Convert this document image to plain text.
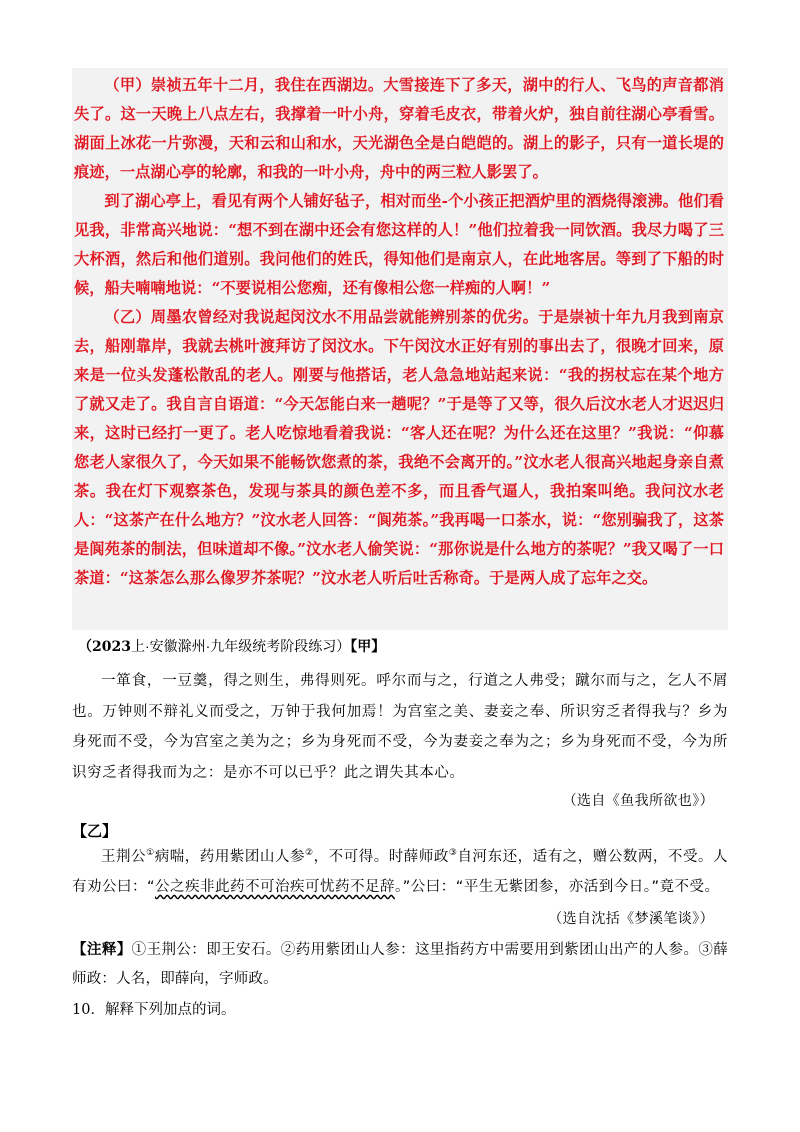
（甲）崇祯五年十二月，我住在西湖边。大雪接连下了多天，湖中的行人、飞鸟的声音都消失了。这一天晚上八点左右，我撑着一叶小舟，穿着毛皮衣，带着火炉，独自前往湖心亭看雪。湖面上冰花一片弥漫，天和云和山和水，天光湖色全是白皑皑的。湖上的影子，只有一道长堤的痕迹，一点湖心亭的轮廓，和我的一叶小舟，舟中的两三粒人影罢了。

到了湖心亭上，看见有两个人铺好毡子，相对而坐-个小孩正把酒炉里的酒烧得滚沸。他们看见我，非常高兴地说：“想不到在湖中还会有您这样的人！”他们拉着我一同饮酒。我尽力喝了三大杯酒，然后和他们道别。我问他们的姓氏，得知他们是南京人，在此地客居。等到了下船的时候，船夫喃喃地说：“不要说相公您痴，还有像相公您一样痴的人啊！”

（乙）周墨农曾经对我说起闵汶水不用品尝就能辨别茶的优劣。于是崇祯十年九月我到南京去，船刚靠岸，我就去桃叶渡拜访了闵汶水。下午闵汶水正好有别的事出去了，很晚才回来，原来是一位头发蓬松散乱的老人。刚要与他搭话，老人急急地站起来说：“我的拐杖忘在某个地方了就又走了。我自言自语道：“今天怎能白来一趟呢？”于是等了又等，很久后汶水老人才迟迟归来，这时已经打一更了。老人吃惊地看着我说：“客人还在呢？为什么还在这里？”我说：“仰慕您老人家很久了，今天如果不能畅饮您煮的茶，我绝不会离开的。”汶水老人很高兴地起身亲自煮茶。我在灯下观察茶色，发现与茶具的颜色差不多，而且香气逼人，我拍案叫绝。我问汶水老人：“这茶产在什么地方？”汶水老人回答：“阆苑茶。”我再喝一口茶水，说：“您别骗我了，这茶是阆苑茶的制法，但味道却不像。”汶水老人偷笑说：“那你说是什么地方的茶呢？”我又喝了一口茶道：“这茶怎么那么像罗芥茶呢？”汶水老人听后吐舌称奇。于是两人成了忘年之交。

（2023上·安徽滁州·九年级统考阶段练习）【甲】

一箪食，一豆羹，得之则生，弗得则死。呼尔而与之，行道之人弗受；蹴尔而与之，乞人不屑也。万钟则不辩礼义而受之，万钟于我何加焉！为宫室之美、妻妾之奉、所识穷乏者得我与？乡为身死而不受，今为宫室之美为之；乡为身死而不受，今为妻妾之奉为之；乡为身死而不受，今为所识穷乏者得我而为之：是亦不可以已乎？此之谓失其本心。

（选自《鱼我所欲也》）
【乙】

王荆公①病喘，药用紫团山人参②，不可得。时薛师政③自河东还，适有之，赠公数两，不受。人有劝公曰：“公之疾非此药不可治疾可忧药不足辞。”公曰：“平生无紫团参，亦活到今日。”竟不受。

（选自沈括《梦溪笔谈》）

【注释】①王荆公：即王安石。②药用紫团山人参：这里指药方中需要用到紫团山出产的人参。③薛师政：人名，即薛向，字师政。

10．解释下列加点的词。
